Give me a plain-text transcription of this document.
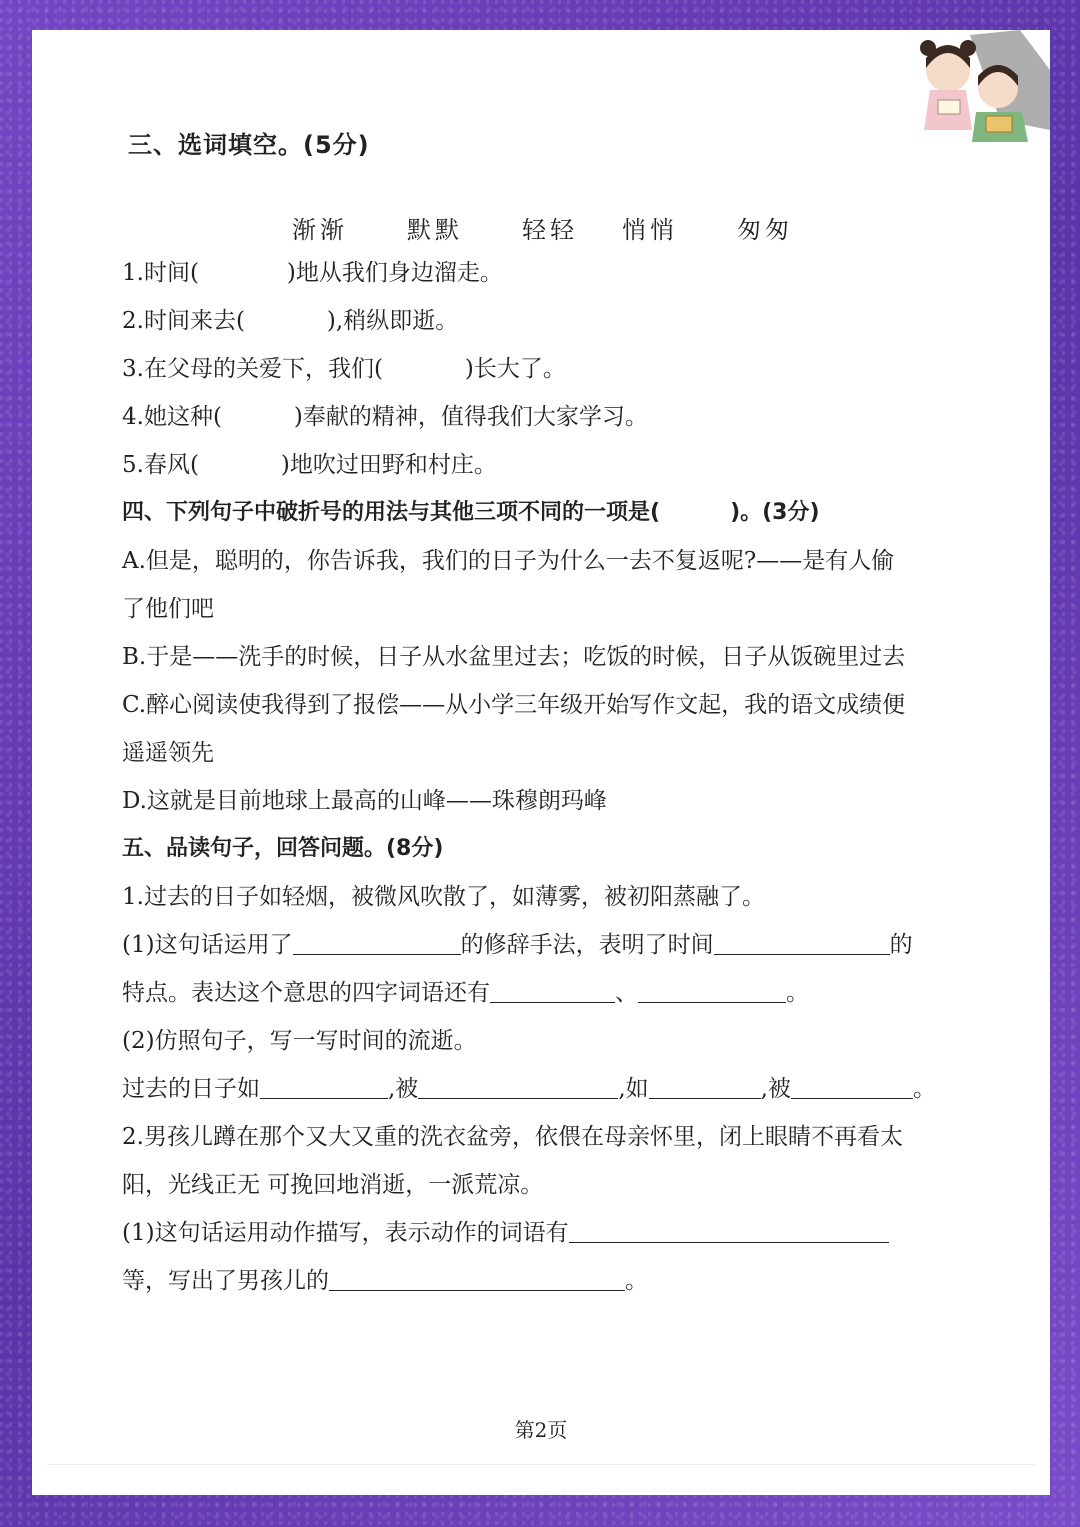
三、选词填空。(5分)
渐渐 默默 轻轻 悄悄 匆匆
1.时间(	)地从我们身边溜走。
2.时间来去(	),稍纵即逝。
3.在父母的关爱下，我们(	)长大了。
4.她这种(	)奉献的精神，值得我们大家学习。
5.春风(	)地吹过田野和村庄。
四、下列句子中破折号的用法与其他三项不同的一项是(	)。(3分)
A.但是，聪明的，你告诉我，我们的日子为什么一去不复返呢?——是有人偷
了他们吧
B.于是——洗手的时候，日子从水盆里过去；吃饭的时候，日子从饭碗里过去
C.醉心阅读使我得到了报偿——从小学三年级开始写作文起，我的语文成绩便
遥遥领先
D.这就是目前地球上最高的山峰——珠穆朗玛峰
五、品读句子，回答问题。(8分)
1.过去的日子如轻烟，被微风吹散了，如薄雾，被初阳蒸融了。
(1)这句话运用了	的修辞手法，表明了时间	的
特点。表达这个意思的四字词语还有	、	。
(2)仿照句子，写一写时间的流逝。
过去的日子如	,被	,如	,被	。
2.男孩儿蹲在那个又大又重的洗衣盆旁，依偎在母亲怀里，闭上眼睛不再看太
阳，光线正无 可挽回地消逝，一派荒凉。
(1)这句话运用动作描写，表示动作的词语有
等，写出了男孩儿的	。
第2页
